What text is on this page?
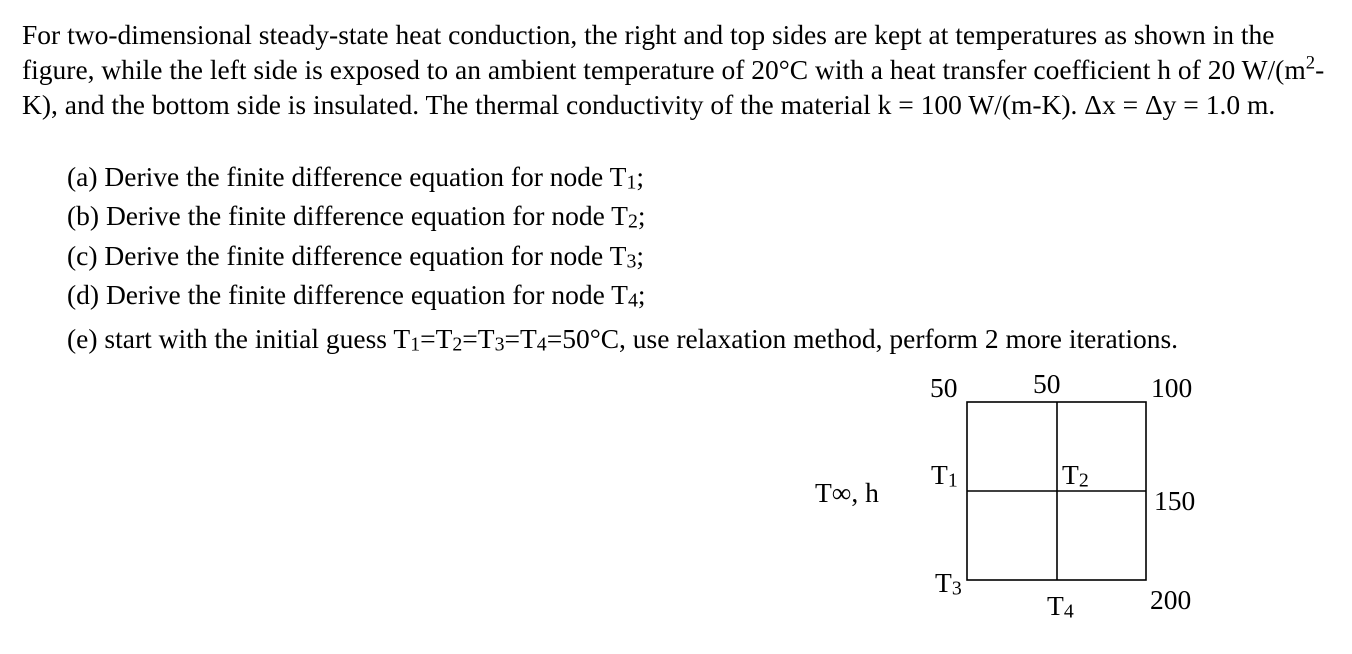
For two-dimensional steady-state heat conduction, the right and top sides are kept at temperatures as shown in the figure, while the left side is exposed to an ambient temperature of 20°C with a heat transfer coefficient h of 20 $W/(m^2-K)$, and the bottom side is insulated. The thermal conductivity of the material k = 100 W/(m-K). Δx = Δy = 1.0 m.
(a) Derive the finite difference equation for node T1;
(b) Derive the finite difference equation for node T2;
(c) Derive the finite difference equation for node T3;
(d) Derive the finite difference equation for node T4;
(e) start with the initial guess T1=T2=T3=T4=50°C, use relaxation method, perform 2 more iterations.
50	50	100
150
200
T∞, h
T1	T2
T3
T4
